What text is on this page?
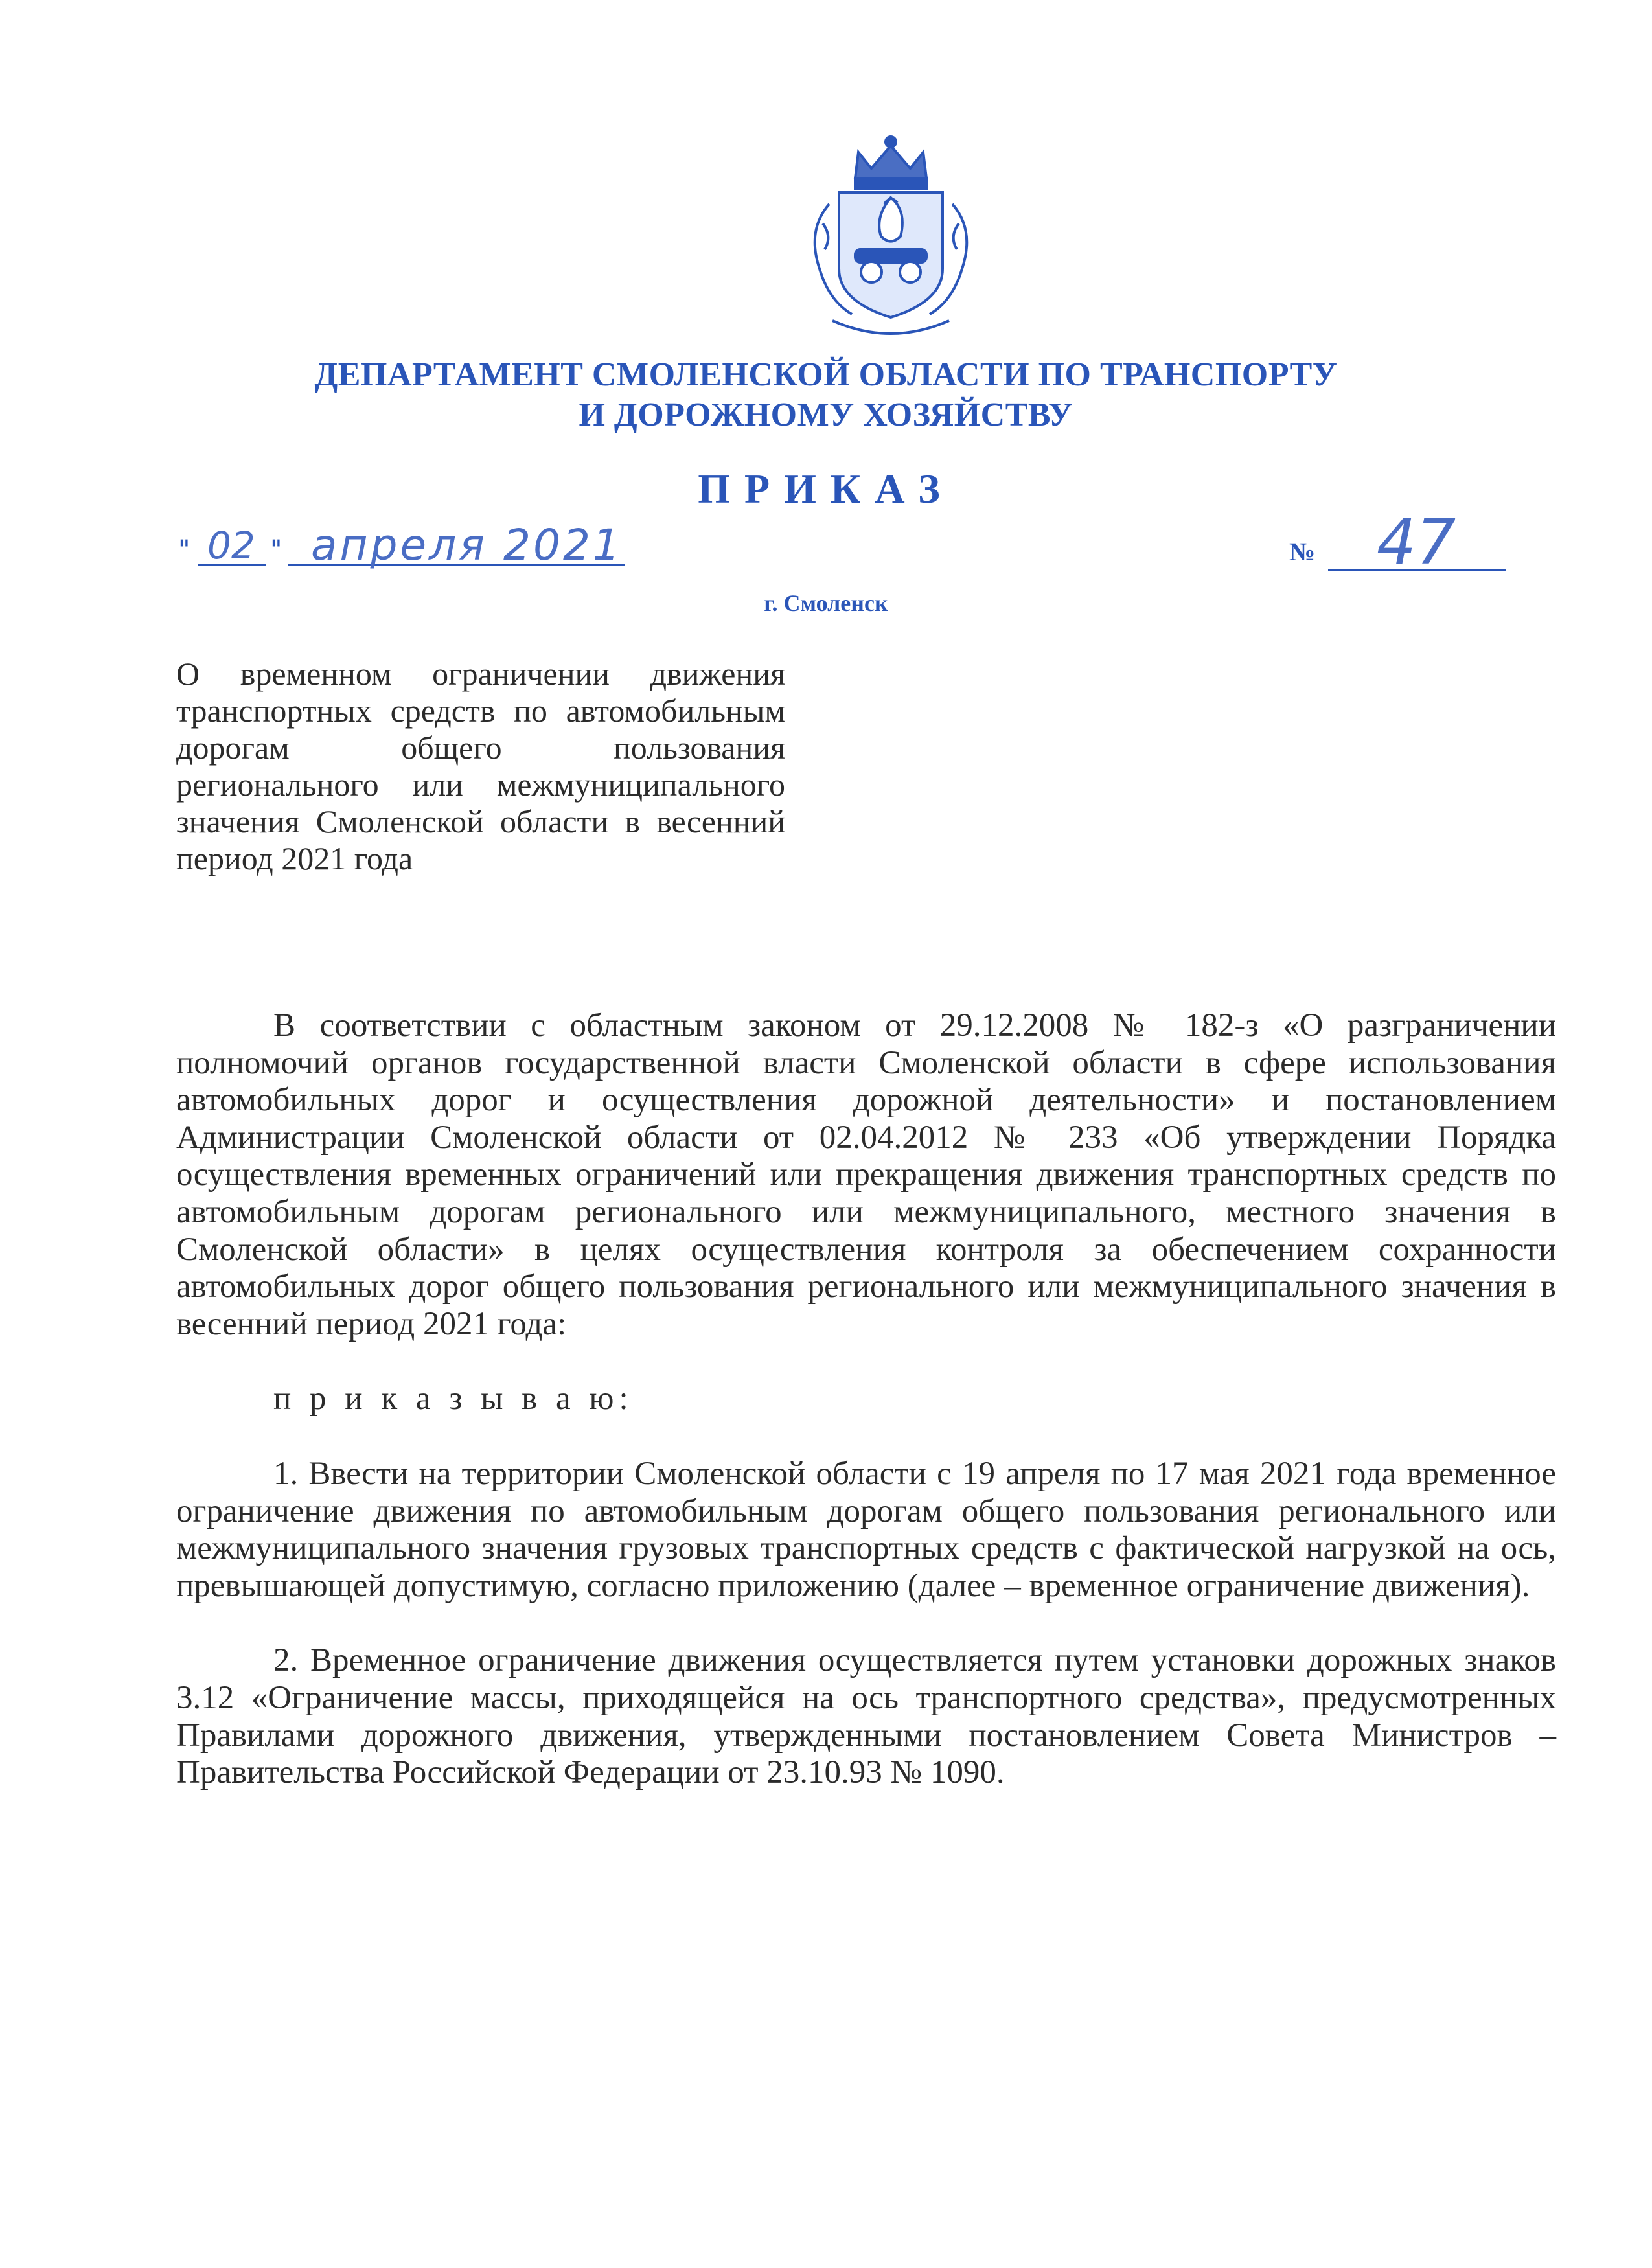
ДЕПАРТАМЕНТ СМОЛЕНСКОЙ ОБЛАСТИ ПО ТРАНСПОРТУ
И ДОРОЖНОМУ ХОЗЯЙСТВУ
ПРИКАЗ
" 02 " апреля 2021	№ 47
г. Смоленск
О временном ограничении движения транспортных средств по автомобильным дорогам общего пользования регионального или межмуниципального значения Смоленской области в весенний период 2021 года

В соответствии с областным законом от 29.12.2008 № 182-з «О разграничении полномочий органов государственной власти Смоленской области в сфере использования автомобильных дорог и осуществления дорожной деятельности» и постановлением Администрации Смоленской области от 02.04.2012 № 233 «Об утверждении Порядка осуществления временных ограничений или прекращения движения транспортных средств по автомобильным дорогам регионального или межмуниципального, местного значения в Смоленской области» в целях осуществления контроля за обеспечением сохранности автомобильных дорог общего пользования регионального или межмуниципального значения в весенний период 2021 года:

п р и к а з ы в а ю:

1. Ввести на территории Смоленской области с 19 апреля по 17 мая 2021 года временное ограничение движения по автомобильным дорогам общего пользования регионального или межмуниципального значения грузовых транспортных средств с фактической нагрузкой на ось, превышающей допустимую, согласно приложению (далее – временное ограничение движения).

2. Временное ограничение движения осуществляется путем установки дорожных знаков 3.12 «Ограничение массы, приходящейся на ось транспортного средства», предусмотренных Правилами дорожного движения, утвержденными постановлением Совета Министров – Правительства Российской Федерации от 23.10.93 № 1090.
